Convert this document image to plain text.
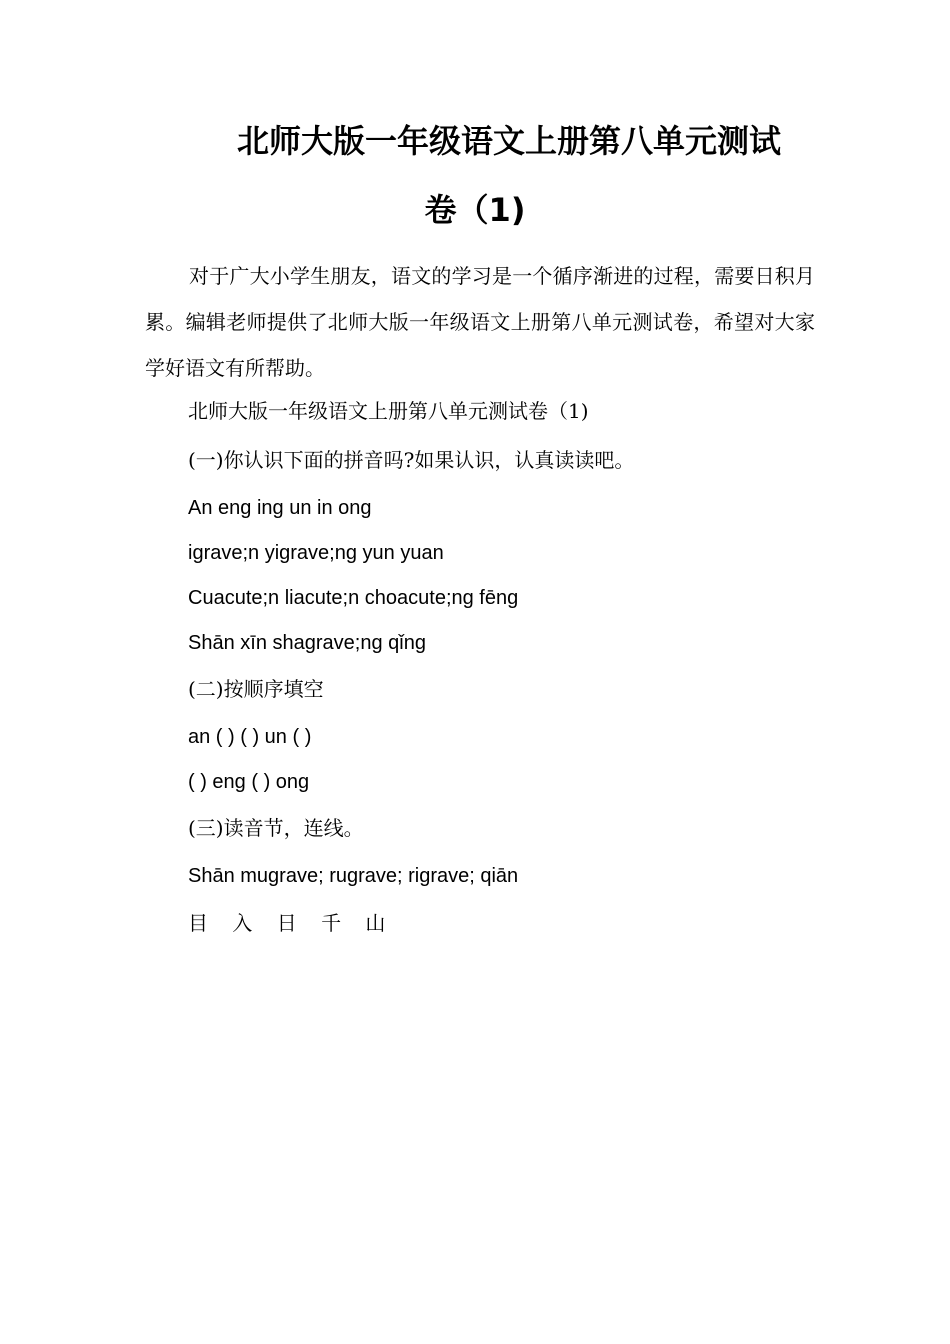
北师大版一年级语文上册第八单元测试
卷（1)

对于广大小学生朋友，语文的学习是一个循序渐进的过程，需要日积月累。编辑老师提供了北师大版一年级语文上册第八单元测试卷，希望对大家学好语文有所帮助。

北师大版一年级语文上册第八单元测试卷（1)

(一)你认识下面的拼音吗?如果认识，认真读读吧。

An eng ing un in ong

igrave;n yigrave;ng yun yuan

Cuacute;n liacute;n choacute;ng fēng

Shān xīn shagrave;ng qǐng

(二)按顺序填空

an ( ) ( ) un ( )

( ) eng ( ) ong

(三)读音节，连线。

Shān mugrave; rugrave; rigrave; qiān

目 入 日 千 山
